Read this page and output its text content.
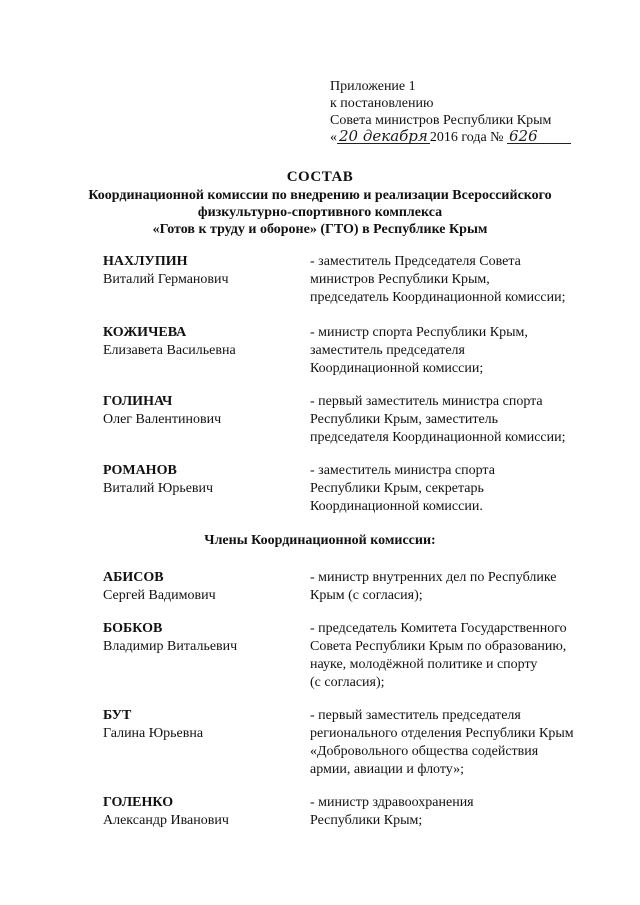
Приложение 1
к постановлению
Совета министров Республики Крым
« 20 декабря 2016 года № 626
СОСТАВ
Координационной комиссии по внедрению и реализации Всероссийского
физкультурно-спортивного комплекса
«Готов к труду и обороне» (ГТО) в Республике Крым
НАХЛУПИН
Виталий Германович
- заместитель Председателя Совета
министров Республики Крым,
председатель Координационной комиссии;
КОЖИЧЕВА
Елизавета Васильевна
- министр спорта Республики Крым,
заместитель председателя
Координационной комиссии;
ГОЛИНАЧ
Олег Валентинович
- первый заместитель министра спорта
Республики Крым, заместитель
председателя Координационной комиссии;
РОМАНОВ
Виталий Юрьевич
- заместитель министра спорта
Республики Крым, секретарь
Координационной комиссии.
Члены Координационной комиссии:
АБИСОВ
Сергей Вадимович
- министр внутренних дел по Республике
Крым (с согласия);
БОБКОВ
Владимир Витальевич
- председатель Комитета Государственного
Совета Республики Крым по образованию,
науке, молодёжной политике и спорту
(с согласия);
БУТ
Галина Юрьевна
- первый заместитель председателя
регионального отделения Республики Крым
«Добровольного общества содействия
армии, авиации и флоту»;
ГОЛЕНКО
Александр Иванович
- министр здравоохранения
Республики Крым;
